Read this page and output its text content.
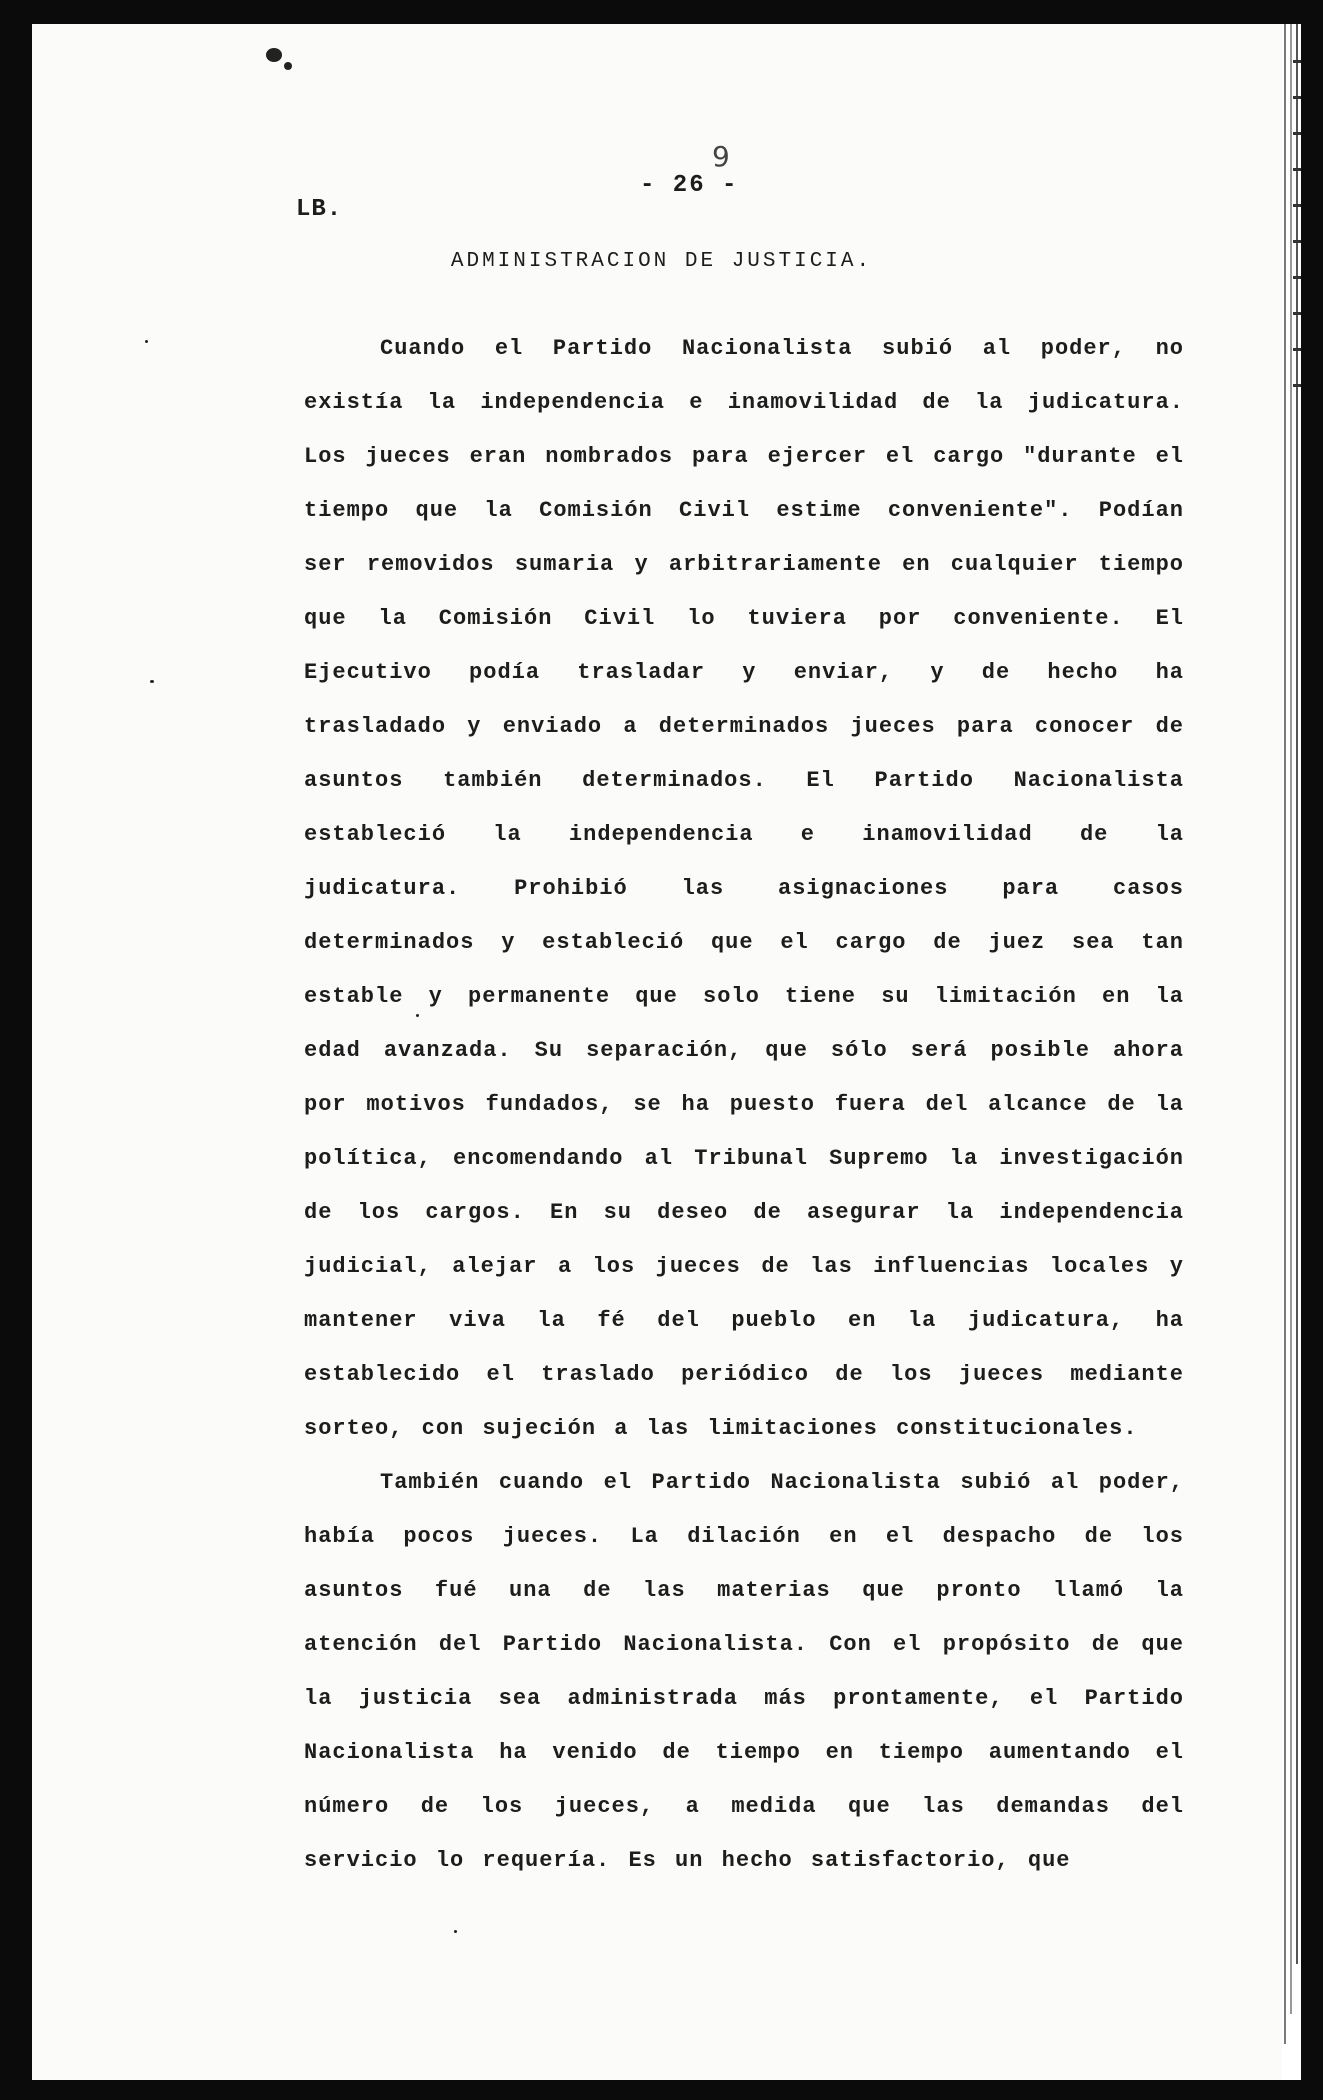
LB.
- 26 -
9
ADMINISTRACION DE JUSTICIA.

Cuando el Partido Nacionalista subió al poder, no existía la independencia e inamovilidad de la judicatura. Los jueces eran nombrados para ejercer el cargo "durante el tiempo que la Comisión Civil estime conveniente". Podían ser removidos sumaria y arbitrariamente en cualquier tiempo que la Comisión Civil lo tuviera por conveniente. El Ejecutivo podía trasladar y enviar, y de hecho ha trasladado y enviado a determinados jueces para conocer de asuntos también determinados. El Partido Nacionalista estableció la independencia e inamovilidad de la judicatura. Prohibió las asignaciones para casos determinados y estableció que el cargo de juez sea tan estable y permanente que solo tiene su limitación en la edad avanzada. Su separación, que sólo será posible ahora por motivos fundados, se ha puesto fuera del alcance de la política, encomendando al Tribunal Supremo la investigación de los cargos. En su deseo de asegurar la independencia judicial, alejar a los jueces de las influencias locales y mantener viva la fé del pueblo en la judicatura, ha establecido el traslado periódico de los jueces mediante sorteo, con sujeción a las limitaciones constitucionales.

También cuando el Partido Nacionalista subió al poder, había pocos jueces. La dilación en el despacho de los asuntos fué una de las materias que pronto llamó la atención del Partido Nacionalista. Con el propósito de que la justicia sea administrada más prontamente, el Partido Nacionalista ha venido de tiempo en tiempo aumentando el número de los jueces, a medida que las demandas del servicio lo requería. Es un hecho satisfactorio, que
